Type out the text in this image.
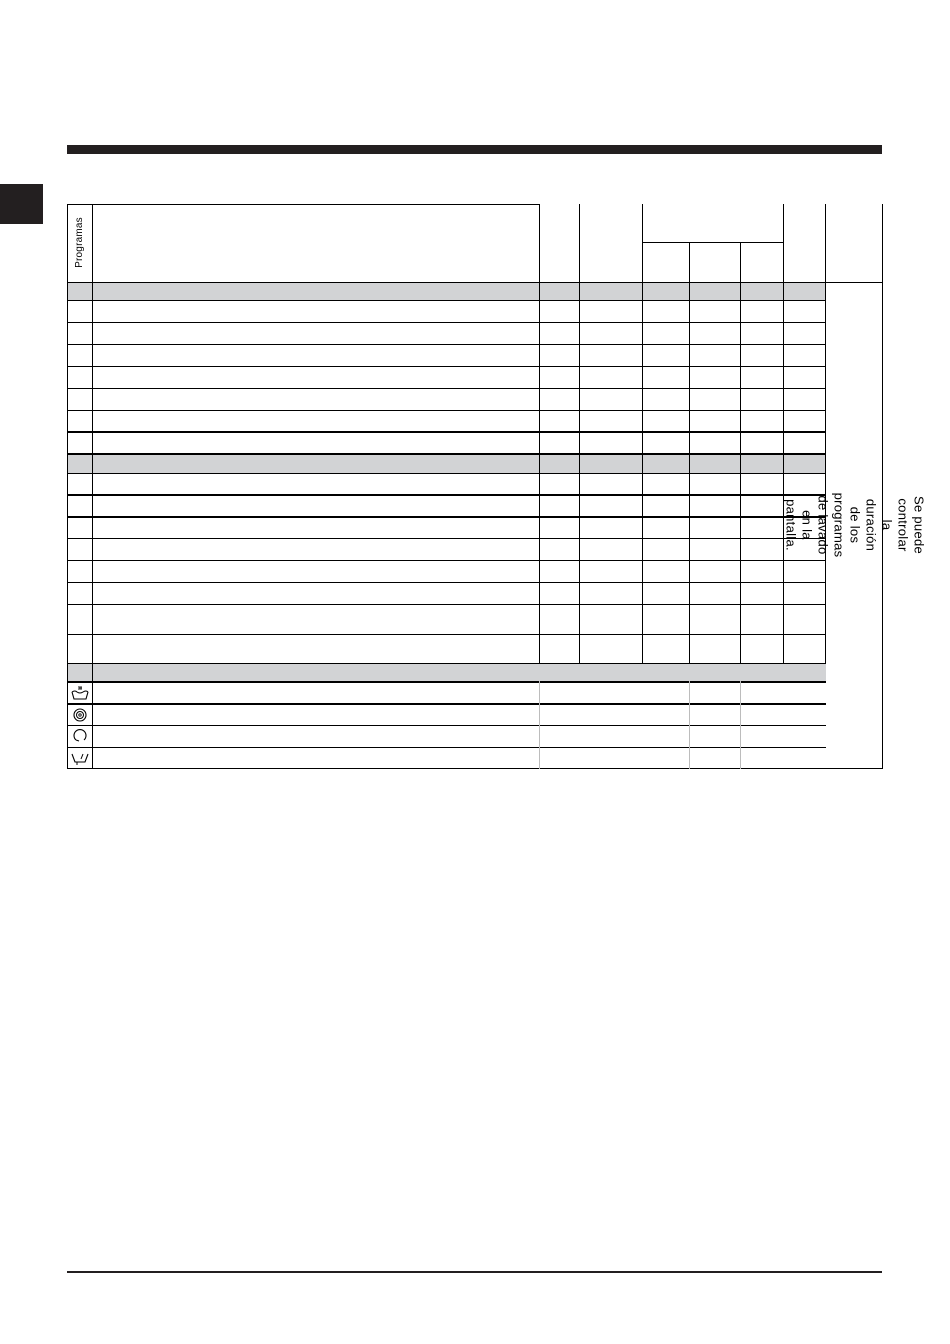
Programas
Se puede controlar la duración de los programas de lavado en la pantalla.
